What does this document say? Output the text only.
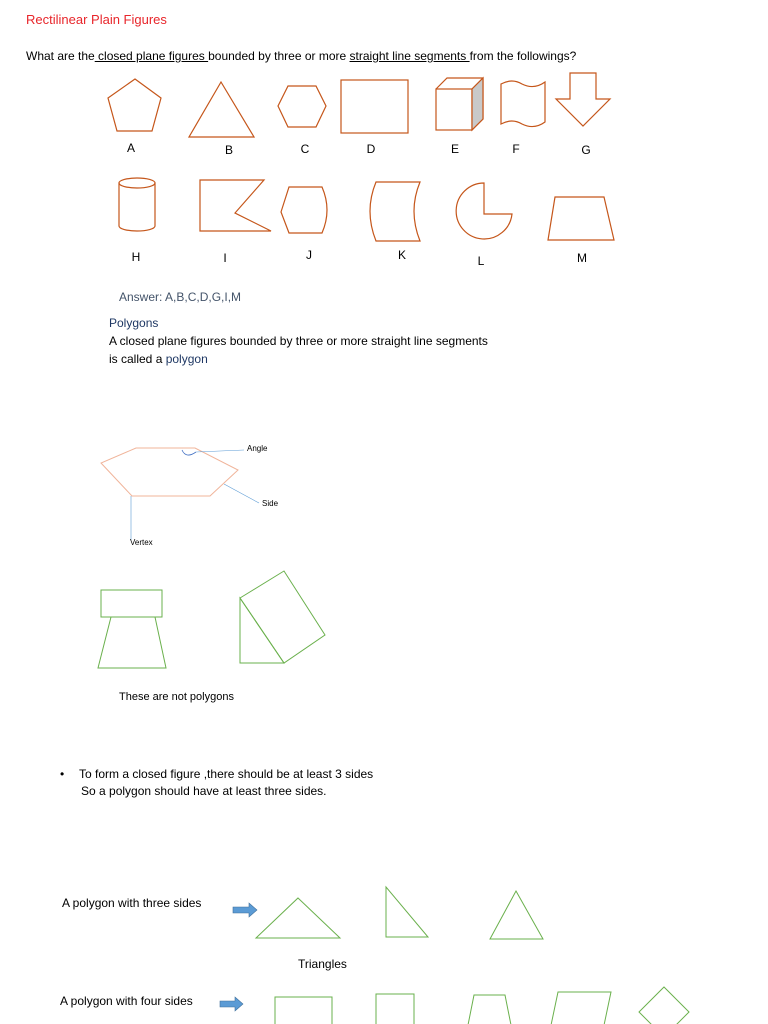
Rectilinear Plain Figures
What are the closed plane figures bounded by three or more straight line segments from the followings?
A	B	C	D	E	F	G
H	I	J	K	L	M
Answer: A,B,C,D,G,I,M
Polygons
A closed plane figures bounded by three or more straight line segments is called a polygon
Angle
Side
Vertex
These are not polygons
• To form a closed figure ,there should be at least 3 sides
So a polygon should have at least three sides.
A polygon with three sides
Triangles
A polygon with four sides
